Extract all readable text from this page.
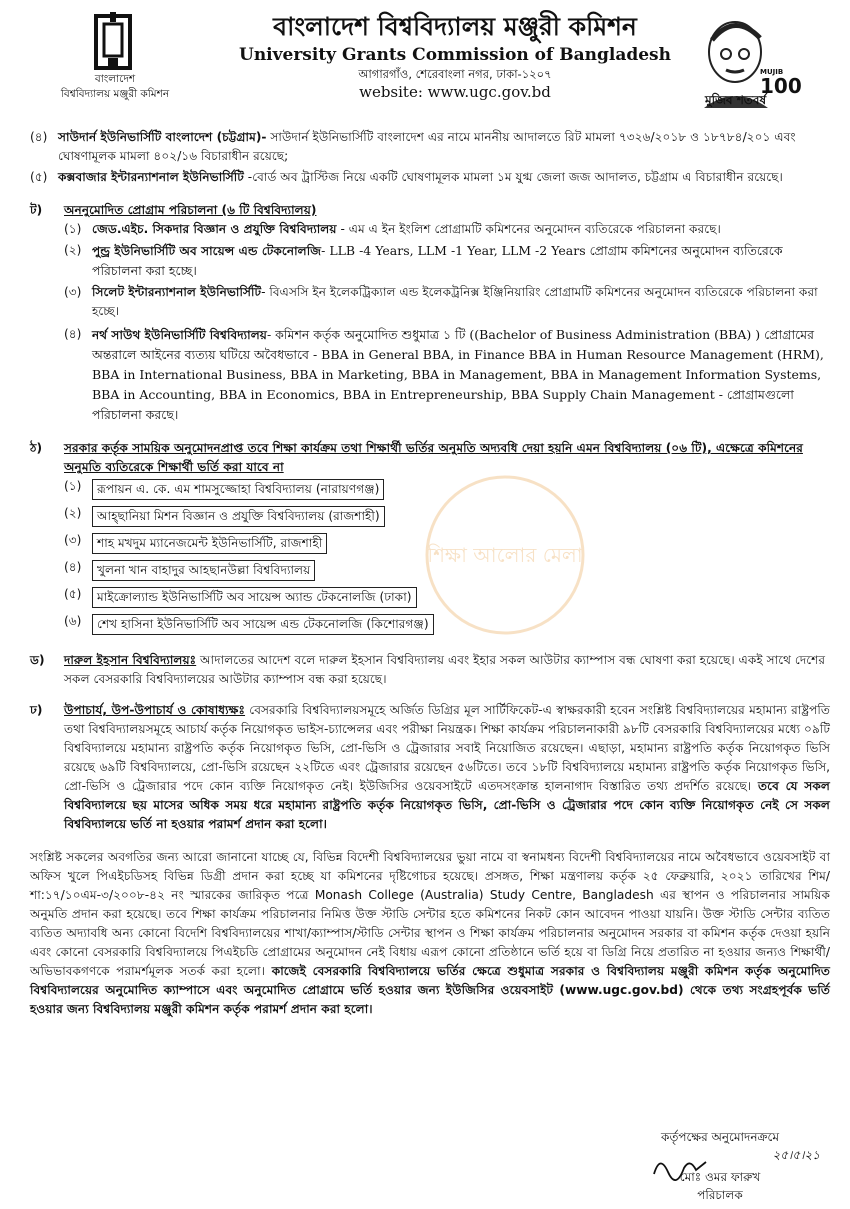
বাংলাদেশ
বিশ্ববিদ্যালয় মঞ্জুরী কমিশন
বাংলাদেশ বিশ্ববিদ্যালয় মঞ্জুরী কমিশন
University Grants Commission of Bangladesh
আগারগাঁও, শেরেবাংলা নগর, ঢাকা-১২০৭
website: www.ugc.gov.bd
MUJIB
100
মুজিব শতবর্ষ
শিক্ষা আলোর মেলা
(৪) সাউদার্ন ইউনিভার্সিটি বাংলাদেশ (চট্টগ্রাম)- সাউদার্ন ইউনিভার্সিটি বাংলাদেশ এর নামে মাননীয় আদালতে রিট মামলা ৭৩২৬/২০১৮ ও ১৮৭৮৪/২০১ এবং ঘোষণামূলক মামলা ৪০২/১৬ বিচারাধীন রয়েছে;
(৫) কক্সবাজার ইন্টারন্যাশনাল ইউনিভার্সিটি -বোর্ড অব ট্রাস্টিজ নিয়ে একটি ঘোষণামূলক মামলা ১ম যুগ্ম জেলা জজ আদালত, চট্টগ্রাম এ বিচারাধীন রয়েছে।
ট) অননুমোদিত প্রোগ্রাম পরিচালনা (৬ টি বিশ্ববিদ্যালয়)
(১) জেড.এইচ. সিকদার বিজ্ঞান ও প্রযুক্তি বিশ্ববিদ্যালয় - এম এ ইন ইংলিশ প্রোগ্রামটি কমিশনের অনুমোদন ব্যতিরেকে পরিচালনা করছে।
(২) পুন্ড্র ইউনিভার্সিটি অব সায়েন্স এন্ড টেকনোলজি- LLB -4 Years, LLM -1 Year, LLM -2 Years প্রোগ্রাম কমিশনের অনুমোদন ব্যতিরেকে পরিচালনা করা হচ্ছে।
(৩) সিলেট ইন্টারন্যাশনাল ইউনিভার্সিটি- বিএসসি ইন ইলেকট্রিক্যাল এন্ড ইলেকট্রনিক্স ইঞ্জিনিয়ারিং প্রোগ্রামটি কমিশনের অনুমোদন ব্যতিরেকে পরিচালনা করা হচ্ছে।
(৪) নর্থ সাউথ ইউনিভার্সিটি বিশ্ববিদ্যালয়- কমিশন কর্তৃক অনুমোদিত শুধুমাত্র ১ টি ((Bachelor of Business Administration (BBA) ) প্রোগ্রামের অন্তরালে আইনের ব্যত্যয় ঘটিয়ে অবৈধভাবে - BBA in General BBA, in Finance BBA in Human Resource Management (HRM), BBA in International Business, BBA in Marketing, BBA in Management, BBA in Management Information Systems, BBA in Accounting, BBA in Economics, BBA in Entrepreneurship, BBA Supply Chain Management - প্রোগ্রামগুলো পরিচালনা করছে।
ঠ) সরকার কর্তৃক সাময়িক অনুমোদনপ্রাপ্ত তবে শিক্ষা কার্যক্রম তথা শিক্ষার্থী ভর্তির অনুমতি অদ্যবধি দেয়া হয়নি এমন বিশ্ববিদ্যালয় (০৬ টি), এক্ষেত্রে কমিশনের অনুমতি ব্যতিরেকে শিক্ষার্থী ভর্তি করা যাবে না
(১) রূপায়ন এ. কে. এম শামসুজ্জোহা বিশ্ববিদ্যালয় (নারায়ণগঞ্জ)
(২) আহ্ছানিয়া মিশন বিজ্ঞান ও প্রযুক্তি বিশ্ববিদ্যালয় (রাজশাহী)
(৩) শাহ মখদুম ম্যানেজমেন্ট ইউনিভার্সিটি, রাজশাহী
(৪) খুলনা খান বাহাদুর আহছানউল্লা বিশ্ববিদ্যালয়
(৫) মাইক্রোল্যান্ড ইউনিভার্সিটি অব সায়েন্স অ্যান্ড টেকনোলজি (ঢাকা)
(৬) শেখ হাসিনা ইউনিভার্সিটি অব সায়েন্স এন্ড টেকনোলজি (কিশোরগঞ্জ)
ড) দারুল ইহসান বিশ্ববিদ্যালয়ঃ আদালতের আদেশ বলে দারুল ইহসান বিশ্ববিদ্যালয় এবং ইহার সকল আউটার ক্যাম্পাস বন্ধ ঘোষণা করা হয়েছে। একই সাথে দেশের সকল বেসরকারি বিশ্ববিদ্যালয়ের আউটার ক্যাম্পাস বন্ধ করা হয়েছে।
ঢ) উপাচার্য, উপ-উপাচার্য ও কোষাধ্যক্ষঃ বেসরকারি বিশ্ববিদ্যালয়সমূহে অর্জিত ডিগ্রির মূল সার্টিফিকেট-এ স্বাক্ষরকারী হবেন সংশ্লিষ্ট বিশ্ববিদ্যালয়ের মহামান্য রাষ্ট্রপতি তথা বিশ্ববিদ্যালয়সমূহে আচার্য কর্তৃক নিয়োগকৃত ভাইস-চ্যান্সেলর এবং পরীক্ষা নিয়ন্ত্রক। শিক্ষা কার্যক্রম পরিচালনাকারী ৯৮টি বেসরকারি বিশ্ববিদ্যালয়ের মধ্যে ০৯টি বিশ্ববিদ্যালয়ে মহামান্য রাষ্ট্রপতি কর্তৃক নিয়োগকৃত ভিসি, প্রো-ভিসি ও ট্রেজারার সবাই নিয়োজিত রয়েছেন। এছাড়া, মহামান্য রাষ্ট্রপতি কর্তৃক নিয়োগকৃত ভিসি রয়েছে ৬৯টি বিশ্ববিদ্যালয়ে, প্রো-ভিসি রয়েছেন ২২টিতে এবং ট্রেজারার রয়েছেন ৫৬টিতে। তবে ১৮টি বিশ্ববিদ্যালয়ে মহামান্য রাষ্ট্রপতি কর্তৃক নিয়োগকৃত ভিসি, প্রো-ভিসি ও ট্রেজারার পদে কোন ব্যক্তি নিয়োগকৃত নেই। ইউজিসির ওয়েবসাইটে এতদসংক্রান্ত হালনাগাদ বিস্তারিত তথ্য প্রদর্শিত রয়েছে। তবে যে সকল বিশ্ববিদ্যালয়ে ছয় মাসের অধিক সময় ধরে মহামান্য রাষ্ট্রপতি কর্তৃক নিয়োগকৃত ভিসি, প্রো-ভিসি ও ট্রেজারার পদে কোন ব্যক্তি নিয়োগকৃত নেই সে সকল বিশ্ববিদ্যালয়ে ভর্তি না হওয়ার পরামর্শ প্রদান করা হলো।
সংশ্লিষ্ট সকলের অবগতির জন্য আরো জানানো যাচ্ছে যে, বিভিন্ন বিদেশী বিশ্ববিদ্যালয়ের ভুয়া নামে বা স্বনামধন্য বিদেশী বিশ্ববিদ্যালয়ের নামে অবৈধভাবে ওয়েবসাইট বা অফিস খুলে পিএইচডিসহ বিভিন্ন ডিগ্রী প্রদান করা হচ্ছে যা কমিশনের দৃষ্টিগোচর হয়েছে। প্রসঙ্গত, শিক্ষা মন্ত্রণালয় কর্তৃক ২৫ ফেব্রুয়ারি, ২০২১ তারিখের শিম/শা:১৭/১০এম-৩/২০০৮-৪২ নং স্মারকের জারিকৃত পত্রে Monash College (Australia) Study Centre, Bangladesh এর স্থাপন ও পরিচালনার সাময়িক অনুমতি প্রদান করা হয়েছে। তবে শিক্ষা কার্যক্রম পরিচালনার নিমিত্ত উক্ত স্টাডি সেন্টার হতে কমিশনের নিকট কোন আবেদন পাওয়া যায়নি। উক্ত স্টাডি সেন্টার ব্যতিত ব্যতিত অদ্যাবধি অন্য কোনো বিদেশি বিশ্ববিদ্যালয়ের শাখা/ক্যাম্পাস/স্টাডি সেন্টার স্থাপন ও শিক্ষা কার্যক্রম পরিচালনার অনুমোদন সরকার বা কমিশন কর্তৃক দেওয়া হয়নি এবং কোনো বেসরকারি বিশ্ববিদ্যালয়ে পিএইচডি প্রোগ্রামের অনুমোদন নেই বিধায় এরূপ কোনো প্রতিষ্ঠানে ভর্তি হয়ে বা ডিগ্রি নিয়ে প্রতারিত না হওয়ার জন্যও শিক্ষার্থী/অভিভাবকগণকে পরামর্শমূলক সতর্ক করা হলো। কাজেই বেসরকারি বিশ্ববিদ্যালয়ে ভর্তির ক্ষেত্রে শুধুমাত্র সরকার ও বিশ্ববিদ্যালয় মঞ্জুরী কমিশন কর্তৃক অনুমোদিত বিশ্ববিদ্যালয়ের অনুমোদিত ক্যাম্পাসে এবং অনুমোদিত প্রোগ্রামে ভর্তি হওয়ার জন্য ইউজিসির ওয়েবসাইট (www.ugc.gov.bd) থেকে তথ্য সংগ্রহপূর্বক ভর্তি হওয়ার জন্য বিশ্ববিদ্যালয় মঞ্জুরী কমিশন কর্তৃক পরামর্শ প্রদান করা হলো।
কর্তৃপক্ষের অনুমোদনক্রমে
২৫।৫।২১
মোঃ ওমর ফারুখ
পরিচালক
